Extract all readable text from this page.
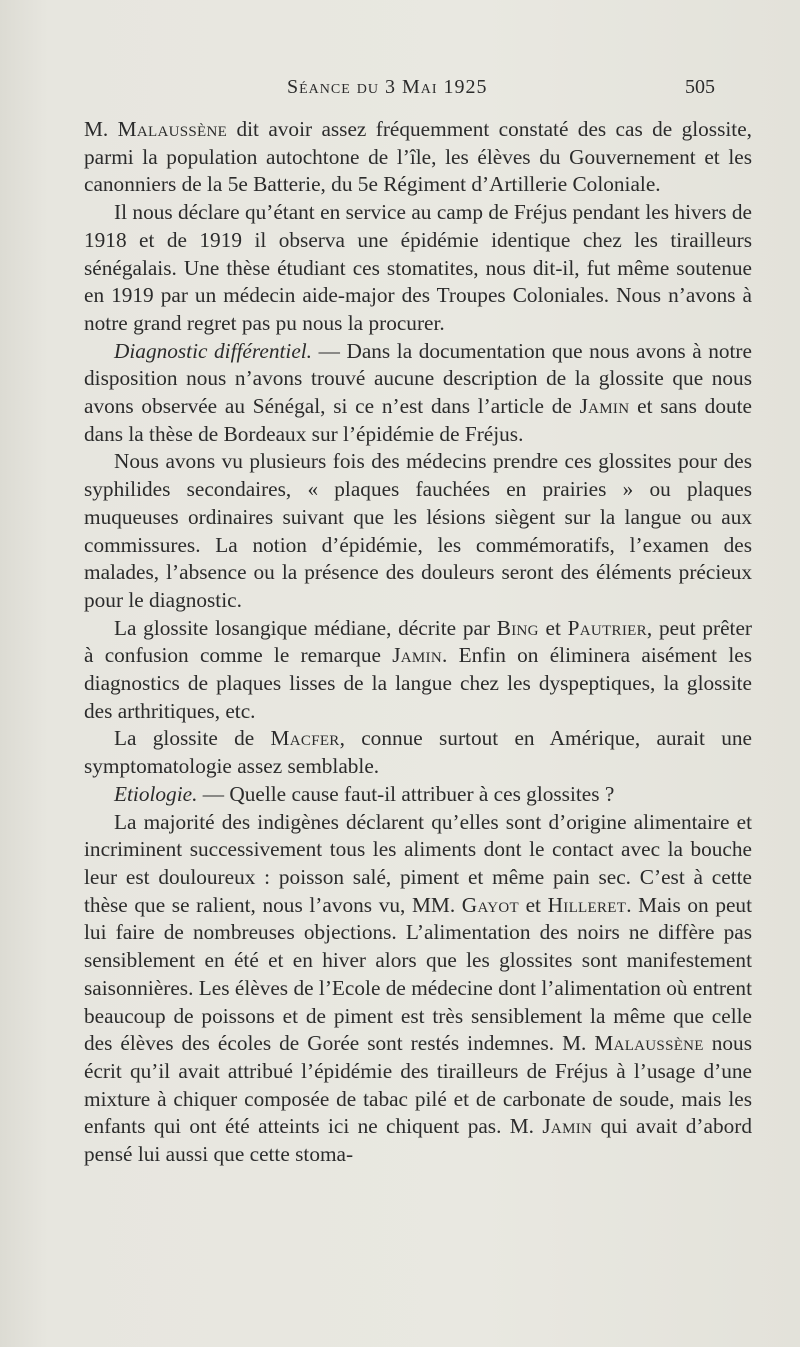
Séance du 3 Mai 1925	505

M. Malaussène dit avoir assez fréquemment constaté des cas de glossite, parmi la population autochtone de l’île, les élèves du Gouvernement et les canonniers de la 5e Batterie, du 5e Régiment d’Artillerie Coloniale.

Il nous déclare qu’étant en service au camp de Fréjus pendant les hivers de 1918 et de 1919 il observa une épidémie identique chez les tirailleurs sénégalais. Une thèse étudiant ces stomatites, nous dit-il, fut même soutenue en 1919 par un médecin aide-major des Troupes Coloniales. Nous n’avons à notre grand regret pas pu nous la procurer.

Diagnostic différentiel. — Dans la documentation que nous avons à notre disposition nous n’avons trouvé aucune description de la glossite que nous avons observée au Sénégal, si ce n’est dans l’article de Jamin et sans doute dans la thèse de Bordeaux sur l’épidémie de Fréjus.

Nous avons vu plusieurs fois des médecins prendre ces glossites pour des syphilides secondaires, « plaques fauchées en prairies » ou plaques muqueuses ordinaires suivant que les lésions siègent sur la langue ou aux commissures. La notion d’épidémie, les commémoratifs, l’examen des malades, l’absence ou la présence des douleurs seront des éléments précieux pour le diagnostic.

La glossite losangique médiane, décrite par Bing et Pautrier, peut prêter à confusion comme le remarque Jamin. Enfin on éliminera aisément les diagnostics de plaques lisses de la langue chez les dyspeptiques, la glossite des arthritiques, etc.

La glossite de Macfer, connue surtout en Amérique, aurait une symptomatologie assez semblable.

Etiologie. — Quelle cause faut-il attribuer à ces glossites ?

La majorité des indigènes déclarent qu’elles sont d’origine alimentaire et incriminent successivement tous les aliments dont le contact avec la bouche leur est douloureux : poisson salé, piment et même pain sec. C’est à cette thèse que se ralient, nous l’avons vu, MM. Gayot et Hilleret. Mais on peut lui faire de nombreuses objections. L’alimentation des noirs ne diffère pas sensiblement en été et en hiver alors que les glossites sont manifestement saisonnières. Les élèves de l’Ecole de médecine dont l’alimentation où entrent beaucoup de poissons et de piment est très sensiblement la même que celle des élèves des écoles de Gorée sont restés indemnes. M. Malaussène nous écrit qu’il avait attribué l’épidémie des tirailleurs de Fréjus à l’usage d’une mixture à chiquer composée de tabac pilé et de carbonate de soude, mais les enfants qui ont été atteints ici ne chiquent pas. M. Jamin qui avait d’abord pensé lui aussi que cette stoma-
